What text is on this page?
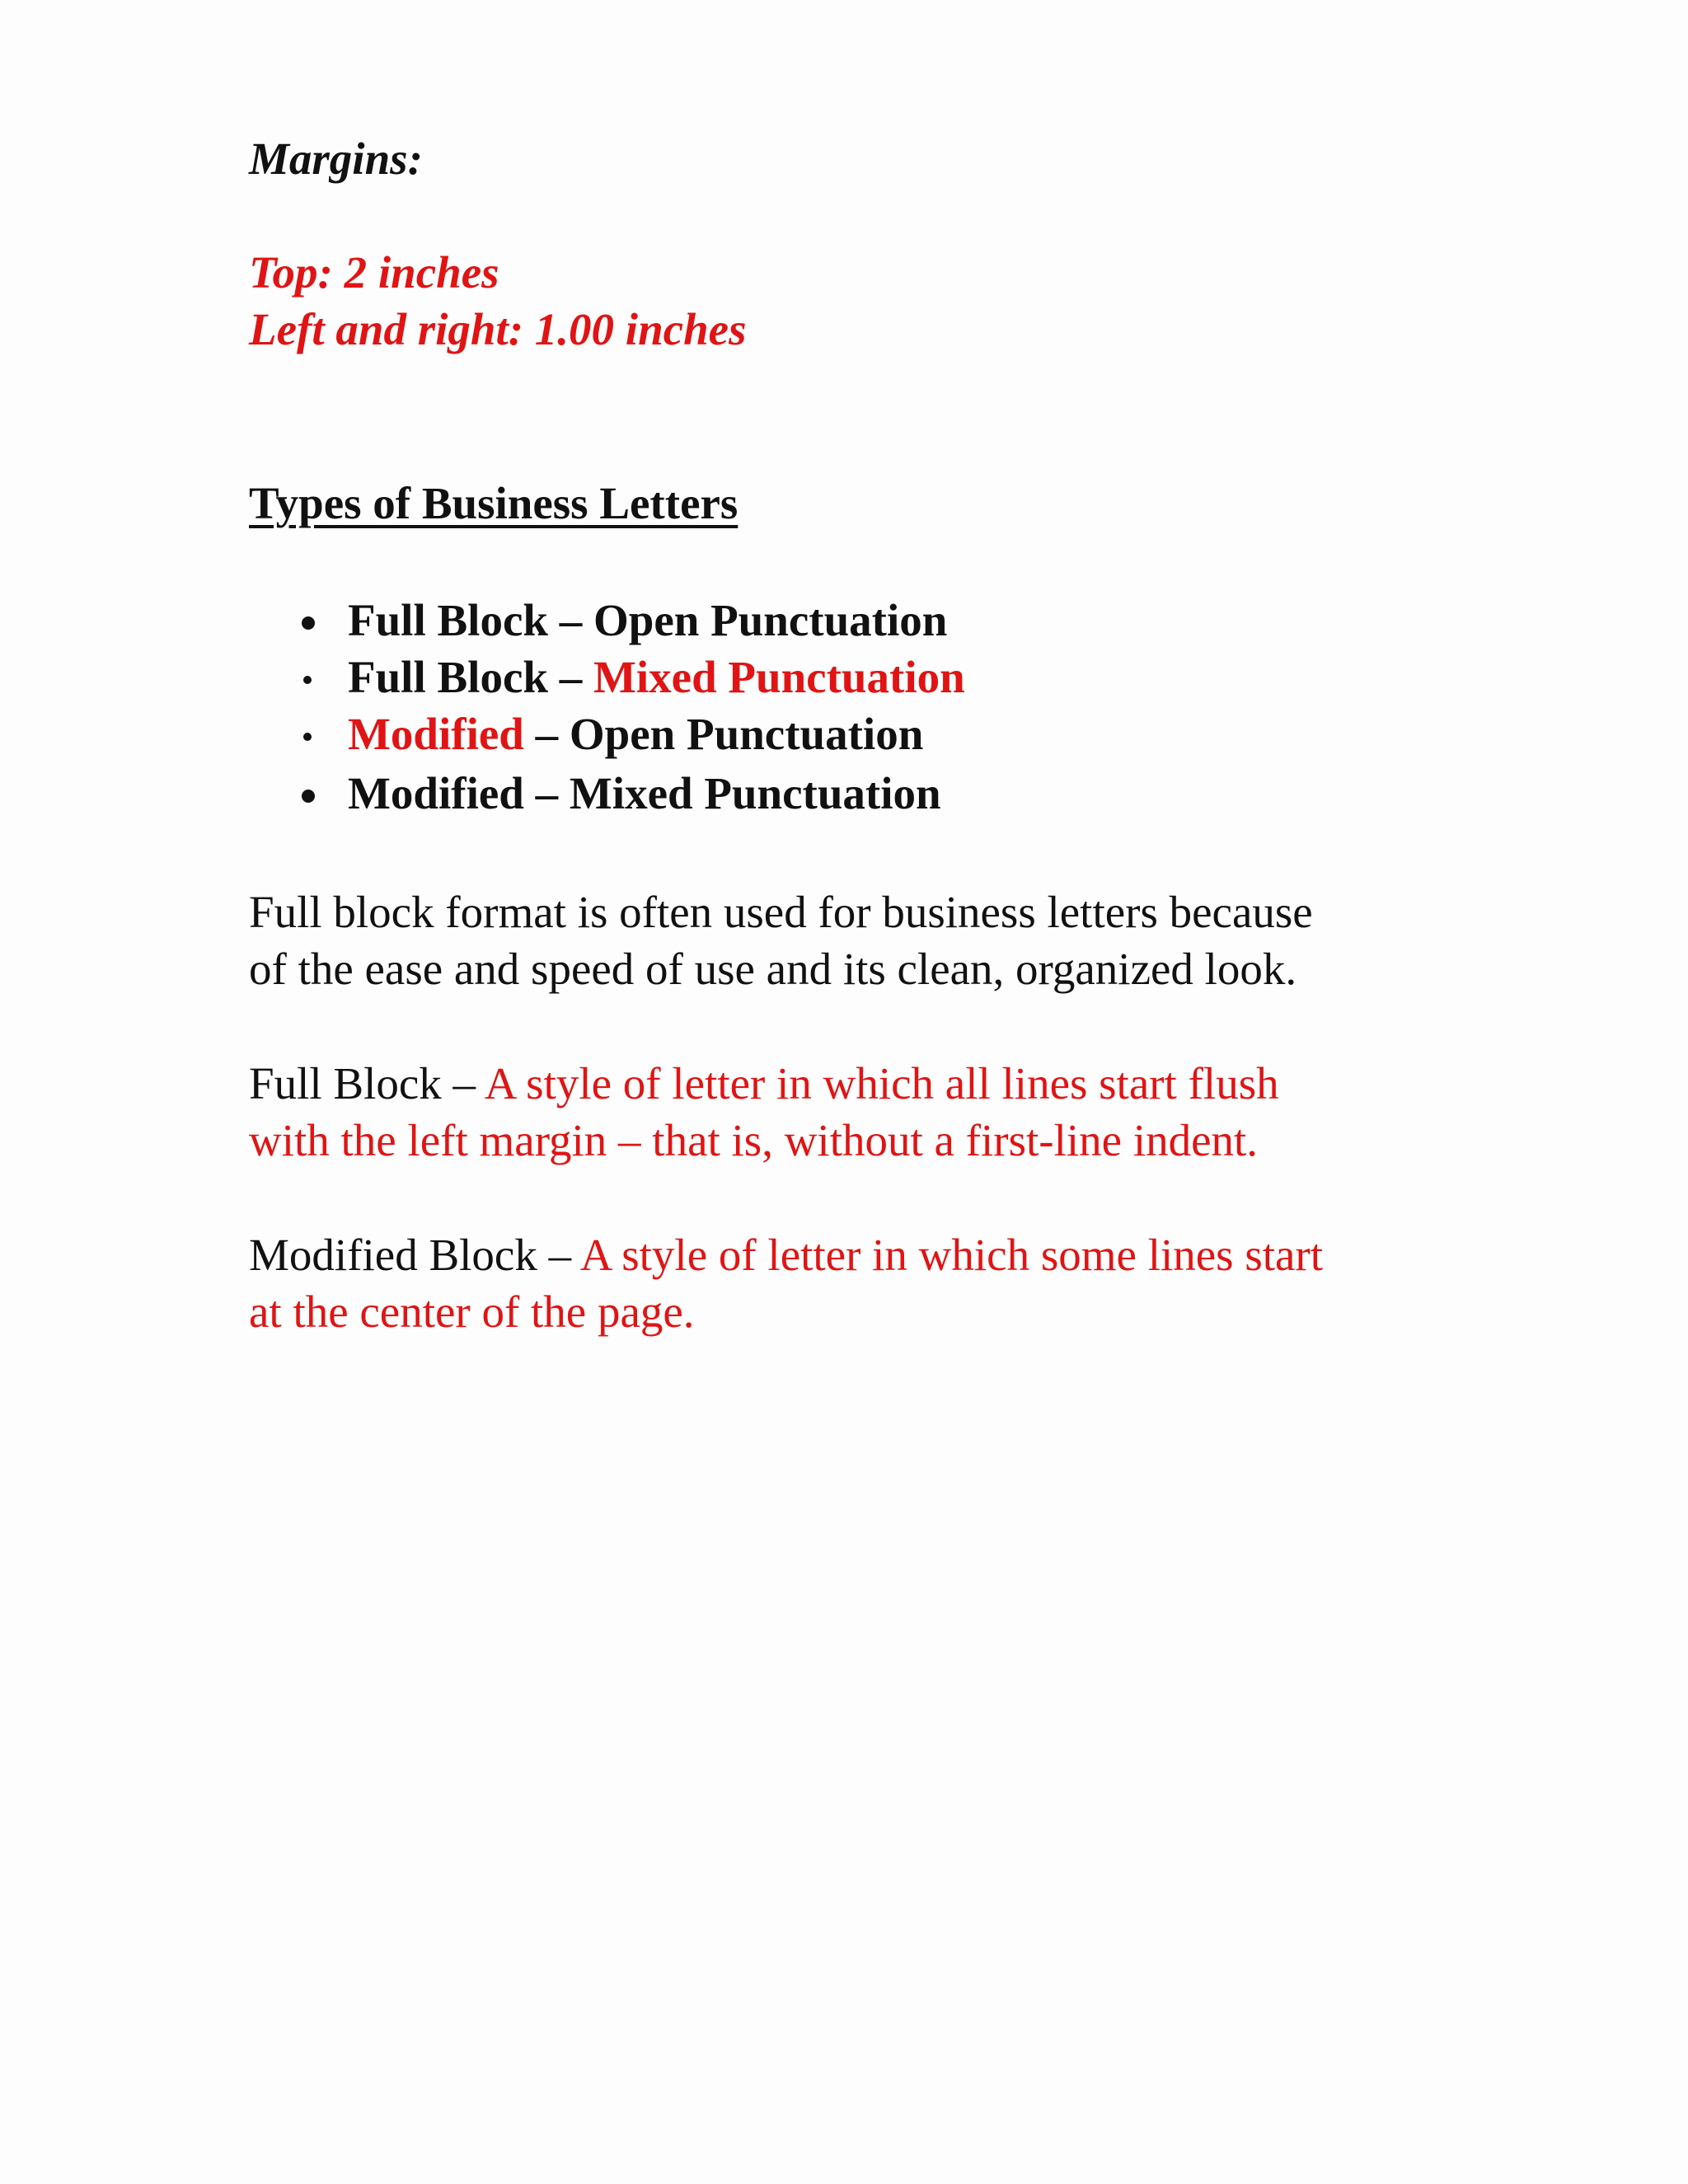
Margins:
Top: 2 inches
Left and right: 1.00 inches
Types of Business Letters
Full Block – Open Punctuation
Full Block – Mixed Punctuation
Modified – Open Punctuation
Modified – Mixed Punctuation
Full block format is often used for business letters because
of the ease and speed of use and its clean, organized look.
Full Block – A style of letter in which all lines start flush
with the left margin – that is, without a first-line indent.
Modified Block – A style of letter in which some lines start
at the center of the page.
